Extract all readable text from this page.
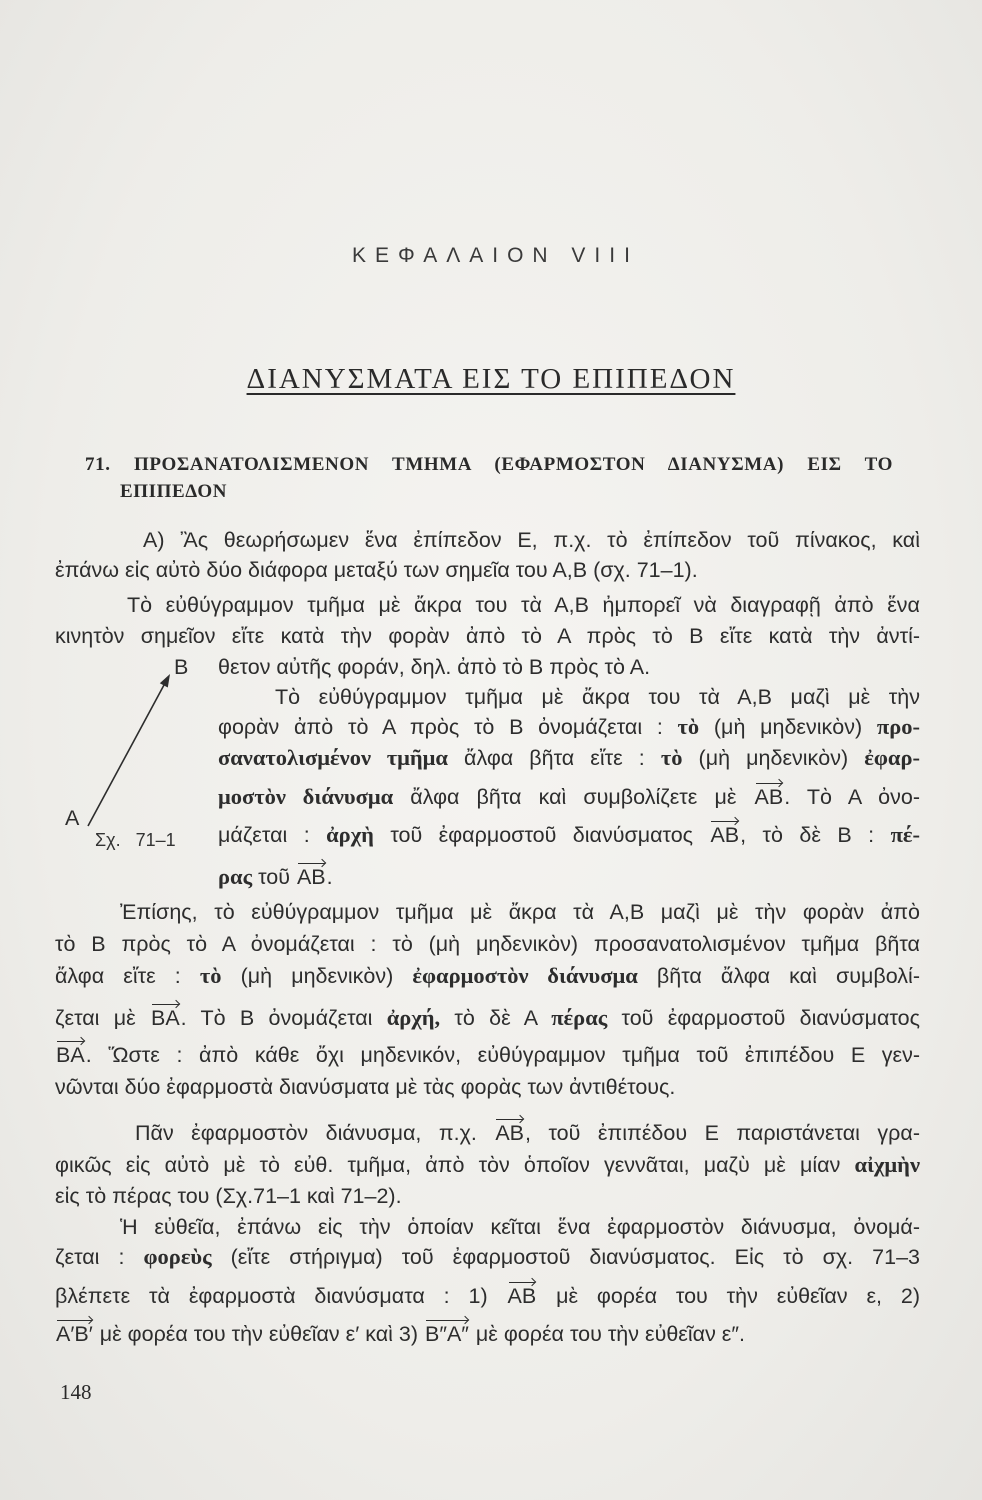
ΚΕΦΑΛΑΙΟΝ VIII
ΔΙΑΝΥΣΜΑΤΑ ΕΙΣ ΤΟ ΕΠΙΠΕΔΟΝ
71. ΠΡΟΣΑΝΑΤΟΛΙΣΜΕΝΟΝ ΤΜΗΜΑ (ΕΦΑΡΜΟΣΤΟΝ ΔΙΑΝΥΣΜΑ) ΕΙΣ ΤΟ
ΕΠΙΠΕΔΟΝ
Α) Ἂς θεωρήσωμεν ἕνα ἐπίπεδον Ε, π.χ. τὸ ἐπίπεδον τοῦ πίνακος, καὶ
ἐπάνω εἰς αὐτὸ δύο διάφορα μεταξύ των σημεῖα του Α,Β (σχ. 71–1).
Τὸ εὐθύγραμμον τμῆμα μὲ ἄκρα του τὰ Α,Β ἠμπορεῖ νὰ διαγραφῇ ἀπὸ ἕνα
κινητὸν σημεῖον εἴτε κατὰ τὴν φορὰν ἀπὸ τὸ Α πρὸς τὸ Β εἴτε κατὰ τὴν ἀντί-
θετον αὐτῆς φοράν, δηλ. ἀπὸ τὸ Β πρὸς τὸ Α.
Τὸ εὐθύγραμμον τμῆμα μὲ ἄκρα του τὰ Α,Β μαζὶ μὲ τὴν
φορὰν ἀπὸ τὸ Α πρὸς τὸ Β ὀνομάζεται : τὸ (μὴ μηδενικὸν) προ-
σανατολισμένον τμῆμα ἄλφα βῆτα εἴτε : τὸ (μὴ μηδενικὸν) ἐφαρ-
μοστὸν διάνυσμα ἄλφα βῆτα καὶ συμβολίζετε μὲ ΑΒ. Τὸ Α ὀνο-
μάζεται : ἀρχὴ τοῦ ἐφαρμοστοῦ διανύσματος ΑΒ, τὸ δὲ Β : πέ-
ρας τοῦ ΑΒ.
Ἐπίσης, τὸ εὐθύγραμμον τμῆμα μὲ ἄκρα τὰ Α,Β μαζὶ μὲ τὴν φορὰν ἀπὸ
τὸ Β πρὸς τὸ Α ὀνομάζεται : τὸ (μὴ μηδενικὸν) προσανατολισμένον τμῆμα βῆτα
ἄλφα εἴτε : τὸ (μὴ μηδενικὸν) ἐφαρμοστὸν διάνυσμα βῆτα ἄλφα καὶ συμβολί-
ζεται μὲ ΒΑ. Τὸ Β ὀνομάζεται ἀρχή, τὸ δὲ Α πέρας τοῦ ἐφαρμοστοῦ διανύσματος
ΒΑ. Ὥστε : ἀπὸ κάθε ὄχι μηδενικόν, εὐθύγραμμον τμῆμα τοῦ ἐπιπέδου Ε γεν-
νῶνται δύο ἐφαρμοστὰ διανύσματα μὲ τὰς φορὰς των ἀντιθέτους.
Πᾶν ἐφαρμοστὸν διάνυσμα, π.χ. ΑΒ, τοῦ ἐπιπέδου Ε παριστάνεται γρα-
φικῶς εἰς αὐτὸ μὲ τὸ εὐθ. τμῆμα, ἀπὸ τὸν ὁποῖον γεννᾶται, μαζὺ μὲ μίαν αἰχμὴν
εἰς τὸ πέρας του (Σχ.71–1 καὶ 71–2).
Ἡ εὐθεῖα, ἐπάνω εἰς τὴν ὁποίαν κεῖται ἕνα ἐφαρμοστὸν διάνυσμα, ὀνομά-
ζεται : φορεὺς (εἴτε στήριγμα) τοῦ ἐφαρμοστοῦ διανύσματος. Εἰς τὸ σχ. 71–3
βλέπετε τὰ ἐφαρμοστὰ διανύσματα : 1) ΑΒ μὲ φορέα του τὴν εὐθεῖαν ε, 2)
Α′Β′ μὲ φορέα του τὴν εὐθεῖαν ε′ καὶ 3) Β″Α″ μὲ φορέα του τὴν εὐθεῖαν ε″.
Β
Α
Σχ. 71–1
148
